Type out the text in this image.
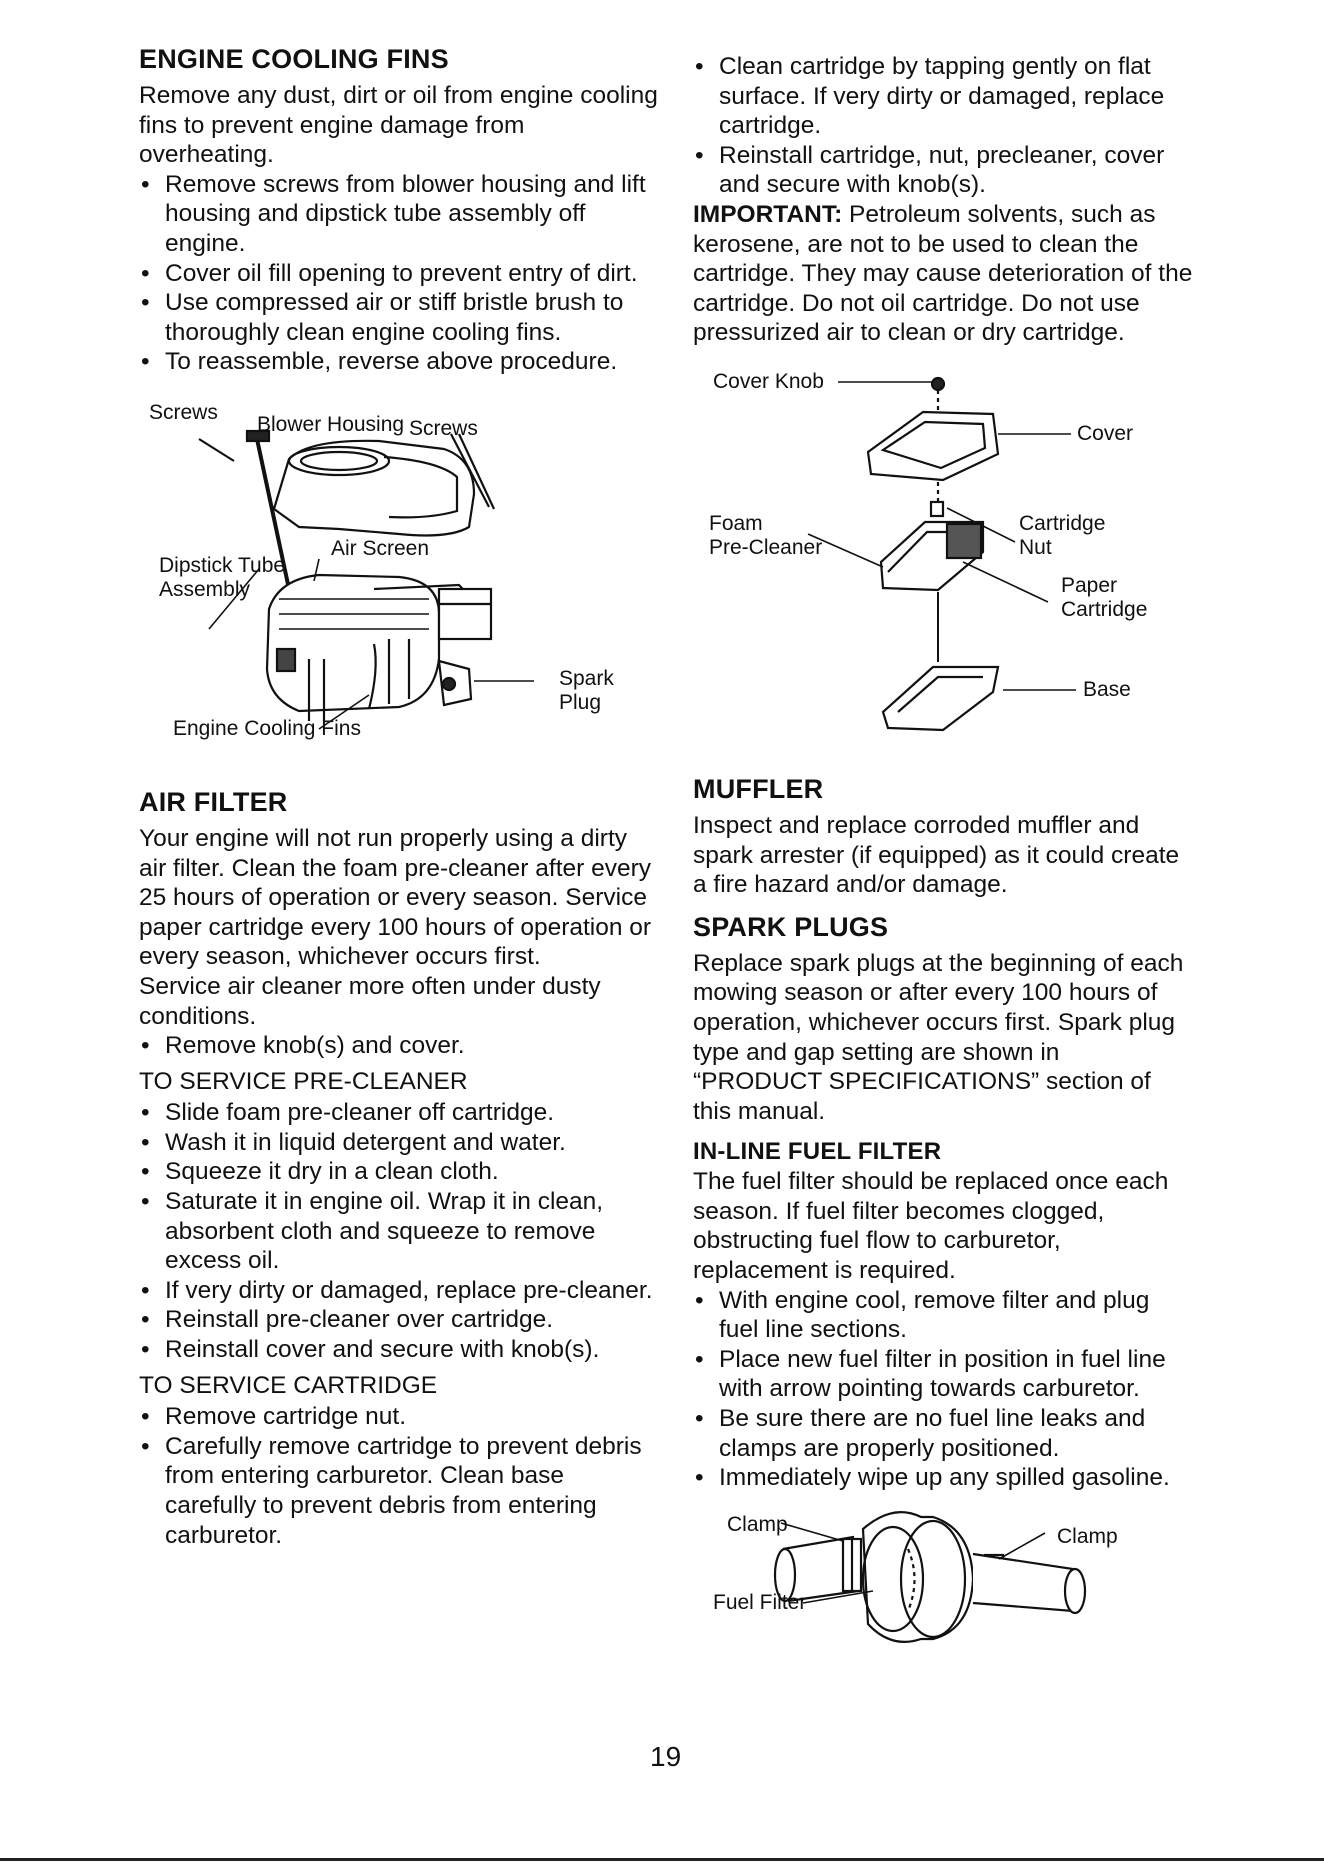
ENGINE COOLING FINS

Remove any dust, dirt or oil from engine cooling fins to prevent engine damage from overheating.

• Remove screws from blower housing and lift housing and dipstick tube assembly off engine.
• Cover oil fill opening to prevent entry of dirt.
• Use compressed air or stiff bristle brush to thoroughly clean engine cooling fins.
• To reassemble, reverse above procedure.
Screws
Blower Housing Screws
Air Screen
Dipstick Tube
Assembly
Spark
Plug
Engine Cooling Fins
AIR FILTER

Your engine will not run properly using a dirty air filter. Clean the foam pre-cleaner after every 25 hours of operation or every season. Service paper cartridge every 100 hours of operation or every season, whichever occurs first.

Service air cleaner more often under dusty conditions.

• Remove knob(s) and cover.
TO SERVICE PRE-CLEANER
• Slide foam pre-cleaner off cartridge.
• Wash it in liquid detergent and water.
• Squeeze it dry in a clean cloth.
• Saturate it in engine oil. Wrap it in clean, absorbent cloth and squeeze to remove excess oil.
• If very dirty or damaged, replace pre-cleaner.
• Reinstall pre-cleaner over cartridge.
• Reinstall cover and secure with knob(s).
TO SERVICE CARTRIDGE
• Remove cartridge nut.
• Carefully remove cartridge to prevent debris from entering carburetor. Clean base carefully to prevent debris from entering carburetor.
• Clean cartridge by tapping gently on flat surface. If very dirty or damaged, replace cartridge.
• Reinstall cartridge, nut, precleaner, cover and secure with knob(s).

IMPORTANT: Petroleum solvents, such as kerosene, are not to be used to clean the cartridge. They may cause deterioration of the cartridge. Do not oil cartridge. Do not use pressurized air to clean or dry cartridge.

Cover Knob
Cover
Foam
Pre-Cleaner
Cartridge
Nut
Paper
Cartridge
Base
MUFFLER

Inspect and replace corroded muffler and spark arrester (if equipped) as it could create a fire hazard and/or damage.

SPARK PLUGS

Replace spark plugs at the beginning of each mowing season or after every 100 hours of operation, whichever occurs first. Spark plug type and gap setting are shown in “PRODUCT SPECIFICATIONS” section of this manual.

IN-LINE FUEL FILTER

The fuel filter should be replaced once each season. If fuel filter becomes clogged, obstructing fuel flow to carburetor, replacement is required.

• With engine cool, remove filter and plug fuel line sections.
• Place new fuel filter in position in fuel line with arrow pointing towards carburetor.
• Be sure there are no fuel line leaks and clamps are properly positioned.
• Immediately wipe up any spilled gasoline.
Clamp
Clamp
Fuel Filter
19
